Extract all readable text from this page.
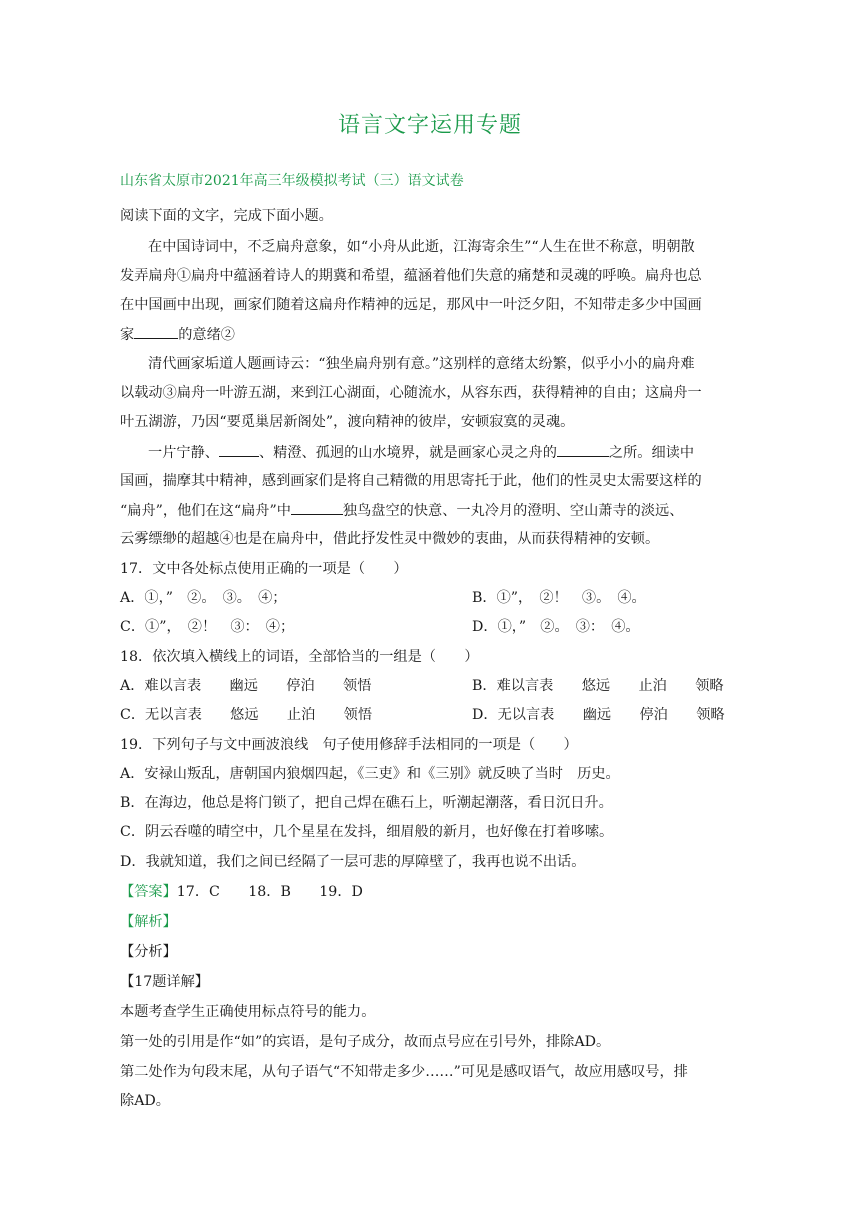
语言文字运用专题
山东省太原市2021年高三年级模拟考试（三）语文试卷
阅读下面的文字，完成下面小题。
在中国诗词中，不乏扁舟意象，如“小舟从此逝，江海寄余生”“人生在世不称意，明朝散
发弄扁舟①扁舟中蕴涵着诗人的期冀和希望，蕴涵着他们失意的痛楚和灵魂的呼唤。扁舟也总
在中国画中出现，画家们随着这扁舟作精神的远足，那风中一叶泛夕阳，不知带走多少中国画
家	的意绪②
清代画家垢道人题画诗云：“独坐扁舟别有意。”这别样的意绪太纷繁，似乎小小的扁舟难
以载动③扁舟一叶游五湖，来到江心湖面，心随流水，从容东西，获得精神的自由；这扁舟一
叶五湖游，乃因“要觅巢居新阁处”，渡向精神的彼岸，安顿寂寞的灵魂。
一片宁静、	、精澄、孤迥的山水境界，就是画家心灵之舟的	之所。细读中
国画，揣摩其中精神，感到画家们是将自己精微的用思寄托于此，他们的性灵史太需要这样的
“扁舟”，他们在这“扁舟”中	独鸟盘空的快意、一丸冷月的澄明、空山萧寺的淡远、
云雾缥缈的超越④也是在扁舟中，借此抒发性灵中微妙的衷曲，从而获得精神的安顿。
17．文中各处标点使用正确的一项是（　　）
A．①，”　②。　③。　④；	B．①”，　②！　③。　④。
C．①”，　②！　③：　④；	D．①，”　②。　③：　④。
18．依次填入横线上的词语，全部恰当的一组是（　　）
A．难以言表　　幽远　　停泊　　领悟	B．难以言表　　悠远　　止泊　　领略
C．无以言表　　悠远　　止泊　　领悟	D．无以言表　　幽远　　停泊　　领略
19．下列句子与文中画波浪线 句子使用修辞手法相同的一项是（　　）
A．安禄山叛乱，唐朝国内狼烟四起，《三吏》和《三别》就反映了当时　历史。
B．在海边，他总是将门锁了，把自己焊在礁石上，听潮起潮落，看日沉日升。
C．阴云吞噬的晴空中，几个星星在发抖，细眉般的新月，也好像在打着哆嗦。
D．我就知道，我们之间已经隔了一层可悲的厚障壁了，我再也说不出话。
【答案】17．C　　18．B　　19．D
【解析】
【分析】
【17题详解】
本题考查学生正确使用标点符号的能力。
第一处的引用是作“如”的宾语，是句子成分，故而点号应在引号外，排除AD。
第二处作为句段末尾，从句子语气“不知带走多少……”可见是感叹语气，故应用感叹号，排
除AD。
